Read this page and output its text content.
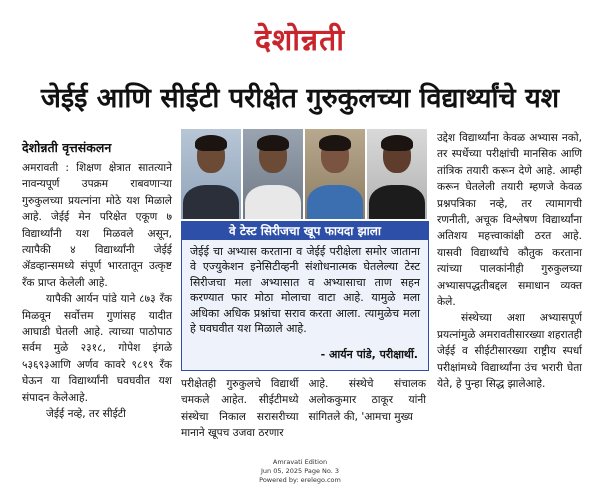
देशोन्नती
जेईई आणि सीईटी परीक्षेत गुरुकुलच्या विद्यार्थ्यांचे यश
देशोन्नती वृत्तसंकलन

अमरावती : शिक्षण क्षेत्रात सातत्याने नावन्यपूर्ण उपक्रम राबवणाऱ्या गुरुकुलच्या प्रयत्नांना मोठे यश मिळाले आहे. जेईई मेन परिक्षेत एकूण ७ विद्यार्थ्यांनी यश मिळवले असून, त्यापैकी ४ विद्यार्थ्यांनी जेईई ॲडव्हान्समध्ये संपूर्ण भारतातून उत्कृष्ट रँक प्राप्त केलेली आहे.

यापैकी आर्यन पांडे याने ८७३ रँक मिळवून सर्वोत्तम गुणांसह यादीत आघाडी घेतली आहे. त्याच्या पाठोपाठ सर्वम मुळे २३१८, गोपेश इंगळे ५३६९३आणि अर्णव कावरे ९८१९ रँक घेऊन या विद्यार्थ्यांनी घवघवीत यश संपादन केलेआहे.

जेईई नव्हे, तर सीईटी

वे टेस्ट सिरीजचा खूप फायदा झाला
जेईई चा अभ्यास करताना व जेईई परीक्षेला समोर जाताना वे एज्युकेशन इनेसिटीव्हनी संशोधनात्मक घेतलेल्या टेस्ट सिरीजचा मला अभ्यासात व अभ्यासाचा ताण सहन करण्यात फार मोठा मोलाचा वाटा आहे. यामुळे मला अधिका अधिक प्रश्नांचा सराव करता आला. त्यामुळेच मला हे घवघवीत यश मिळाले आहे.
- आर्यन पांडे, परीक्षार्थी.
परीक्षेतही गुरुकुलचे विद्यार्थी चमकले आहेत. सीईटीमध्ये संस्थेचा निकाल सरासरीच्या मानाने खूपच उजवा ठरणार
आहे. संस्थेचे संचालक अलोककुमार ठाकूर यांनी सांगितले की, 'आमचा मुख्य

उद्देश विद्यार्थ्यांना केवळ अभ्यास नको, तर स्पर्धेच्या परीक्षांची मानसिक आणि तांत्रिक तयारी करून देणे आहे. आम्ही करून घेतलेली तयारी म्हणजे केवळ प्रश्नपत्रिका नव्हे, तर त्यामागची रणनीती, अचूक विश्लेषण विद्यार्थ्यांना अतिशय महत्त्वाकांक्षी ठरत आहे. यासवी विद्यार्थ्यांचे कौतुक करताना त्यांच्या पालकांनीही गुरुकुलच्या अभ्यासपद्धतीबद्दल समाधान व्यक्त केले.

संस्थेच्या अशा अभ्यासपूर्ण प्रयत्नांमुळे अमरावतीसारख्या शहरातही जेईई व सीईटीसारख्या राष्ट्रीय स्पर्धा परीक्षांमध्ये विद्यार्थ्यांना उंच भरारी घेता येते, हे पुन्हा सिद्ध झालेआहे.

Amravati Edition
Jun 05, 2025 Page No. 3
Powered by: erelego.com
